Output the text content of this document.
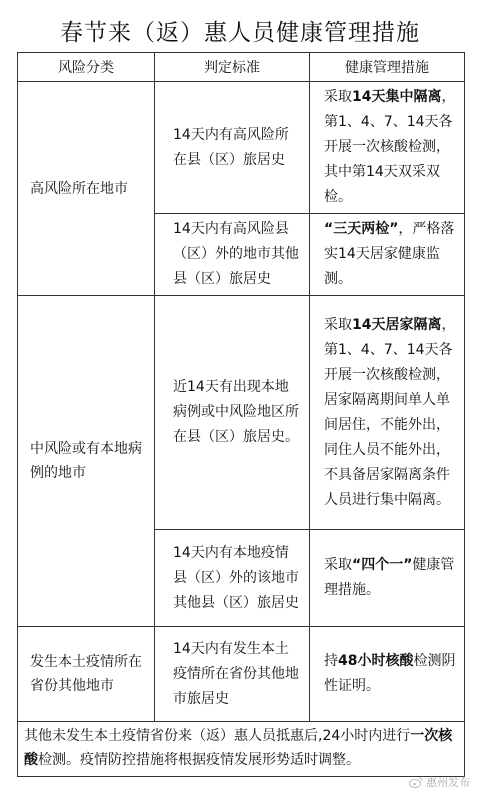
春节来（返）惠人员健康管理措施
风险分类	判定标准	健康管理措施
高风险所在地市	14天内有高风险所在县（区）旅居史	采取14天集中隔离，第1、4、7、14天各开展一次核酸检测，其中第14天双采双检。
	14天内有高风险县（区）外的地市其他县（区）旅居史	“三天两检”，严格落实14天居家健康监测。
中风险或有本地病例的地市	近14天有出现本地病例或中风险地区所在县（区）旅居史。	采取14天居家隔离，第1、4、7、14天各开展一次核酸检测，居家隔离期间单人单间居住，不能外出，同住人员不能外出，不具备居家隔离条件人员进行集中隔离。
	14天内有本地疫情县（区）外的该地市其他县（区）旅居史	采取“四个一”健康管理措施。
发生本土疫情所在省份其他地市	14天内有发生本土疫情所在省份其他地市旅居史	持48小时核酸检测阴性证明。
其他未发生本土疫情省份来（返）惠人员抵惠后,24小时内进行一次核酸检测。疫情防控措施将根据疫情发展形势适时调整。		
惠州发布
